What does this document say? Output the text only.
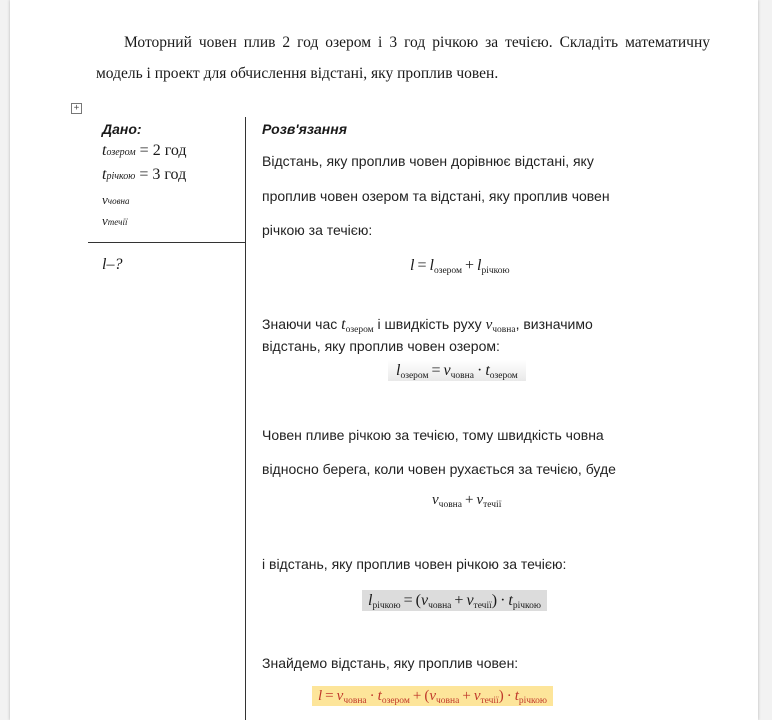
Моторний човен плив 2 год озером і 3 год річкою за течією. Складіть математичну модель і проект для обчислення відстані, яку проплив човен.

+
Дано:
tозером = 2 год
tрічкою = 3 год
vчовна
vтечії
l–?
Розв'язання
Відстань, яку проплив човен дорівнює відстані, яку
проплив човен озером та відстані, яку проплив човен
річкою за течією:
$l = l_{озером} + l_{річкою}$
Знаючи час $t_{озером}$ і швидкість руху $v_{човна}$, визначимо
відстань, яку проплив човен озером:
$l_{озером} = v_{човна} \cdot t_{озером}$
Човен пливе річкою за течією, тому швидкість човна
відносно берега, коли човен рухається за течією, буде
$v_{човна} + v_{течії}$
і відстань, яку проплив човен річкою за течією:
$l_{річкою} = (v_{човна} + v_{течії}) \cdot t_{річкою}$
Знайдемо відстань, яку проплив човен:
$l = v_{човна} \cdot t_{озером} + (v_{човна} + v_{течії}) \cdot t_{річкою}$
